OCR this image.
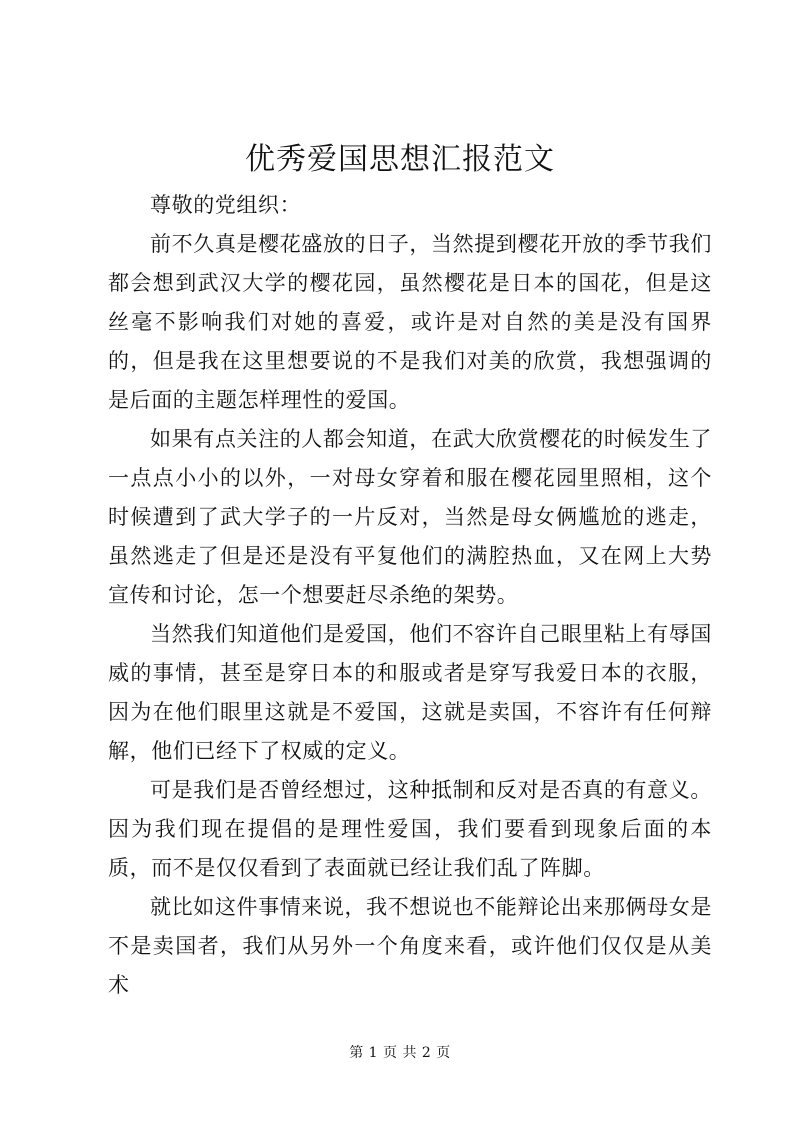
优秀爱国思想汇报范文

尊敬的党组织：

前不久真是樱花盛放的日子，当然提到樱花开放的季节我们都会想到武汉大学的樱花园，虽然樱花是日本的国花，但是这丝毫不影响我们对她的喜爱，或许是对自然的美是没有国界的，但是我在这里想要说的不是我们对美的欣赏，我想强调的是后面的主题怎样理性的爱国。

如果有点关注的人都会知道，在武大欣赏樱花的时候发生了一点点小小的以外，一对母女穿着和服在樱花园里照相，这个时候遭到了武大学子的一片反对，当然是母女俩尴尬的逃走，虽然逃走了但是还是没有平复他们的满腔热血，又在网上大势宣传和讨论，怎一个想要赶尽杀绝的架势。

当然我们知道他们是爱国，他们不容许自己眼里粘上有辱国威的事情，甚至是穿日本的和服或者是穿写我爱日本的衣服，因为在他们眼里这就是不爱国，这就是卖国，不容许有任何辩解，他们已经下了权威的定义。

可是我们是否曾经想过，这种抵制和反对是否真的有意义。因为我们现在提倡的是理性爱国，我们要看到现象后面的本质，而不是仅仅看到了表面就已经让我们乱了阵脚。

就比如这件事情来说，我不想说也不能辩论出来那俩母女是不是卖国者，我们从另外一个角度来看，或许他们仅仅是从美术

第 1 页 共 2 页
